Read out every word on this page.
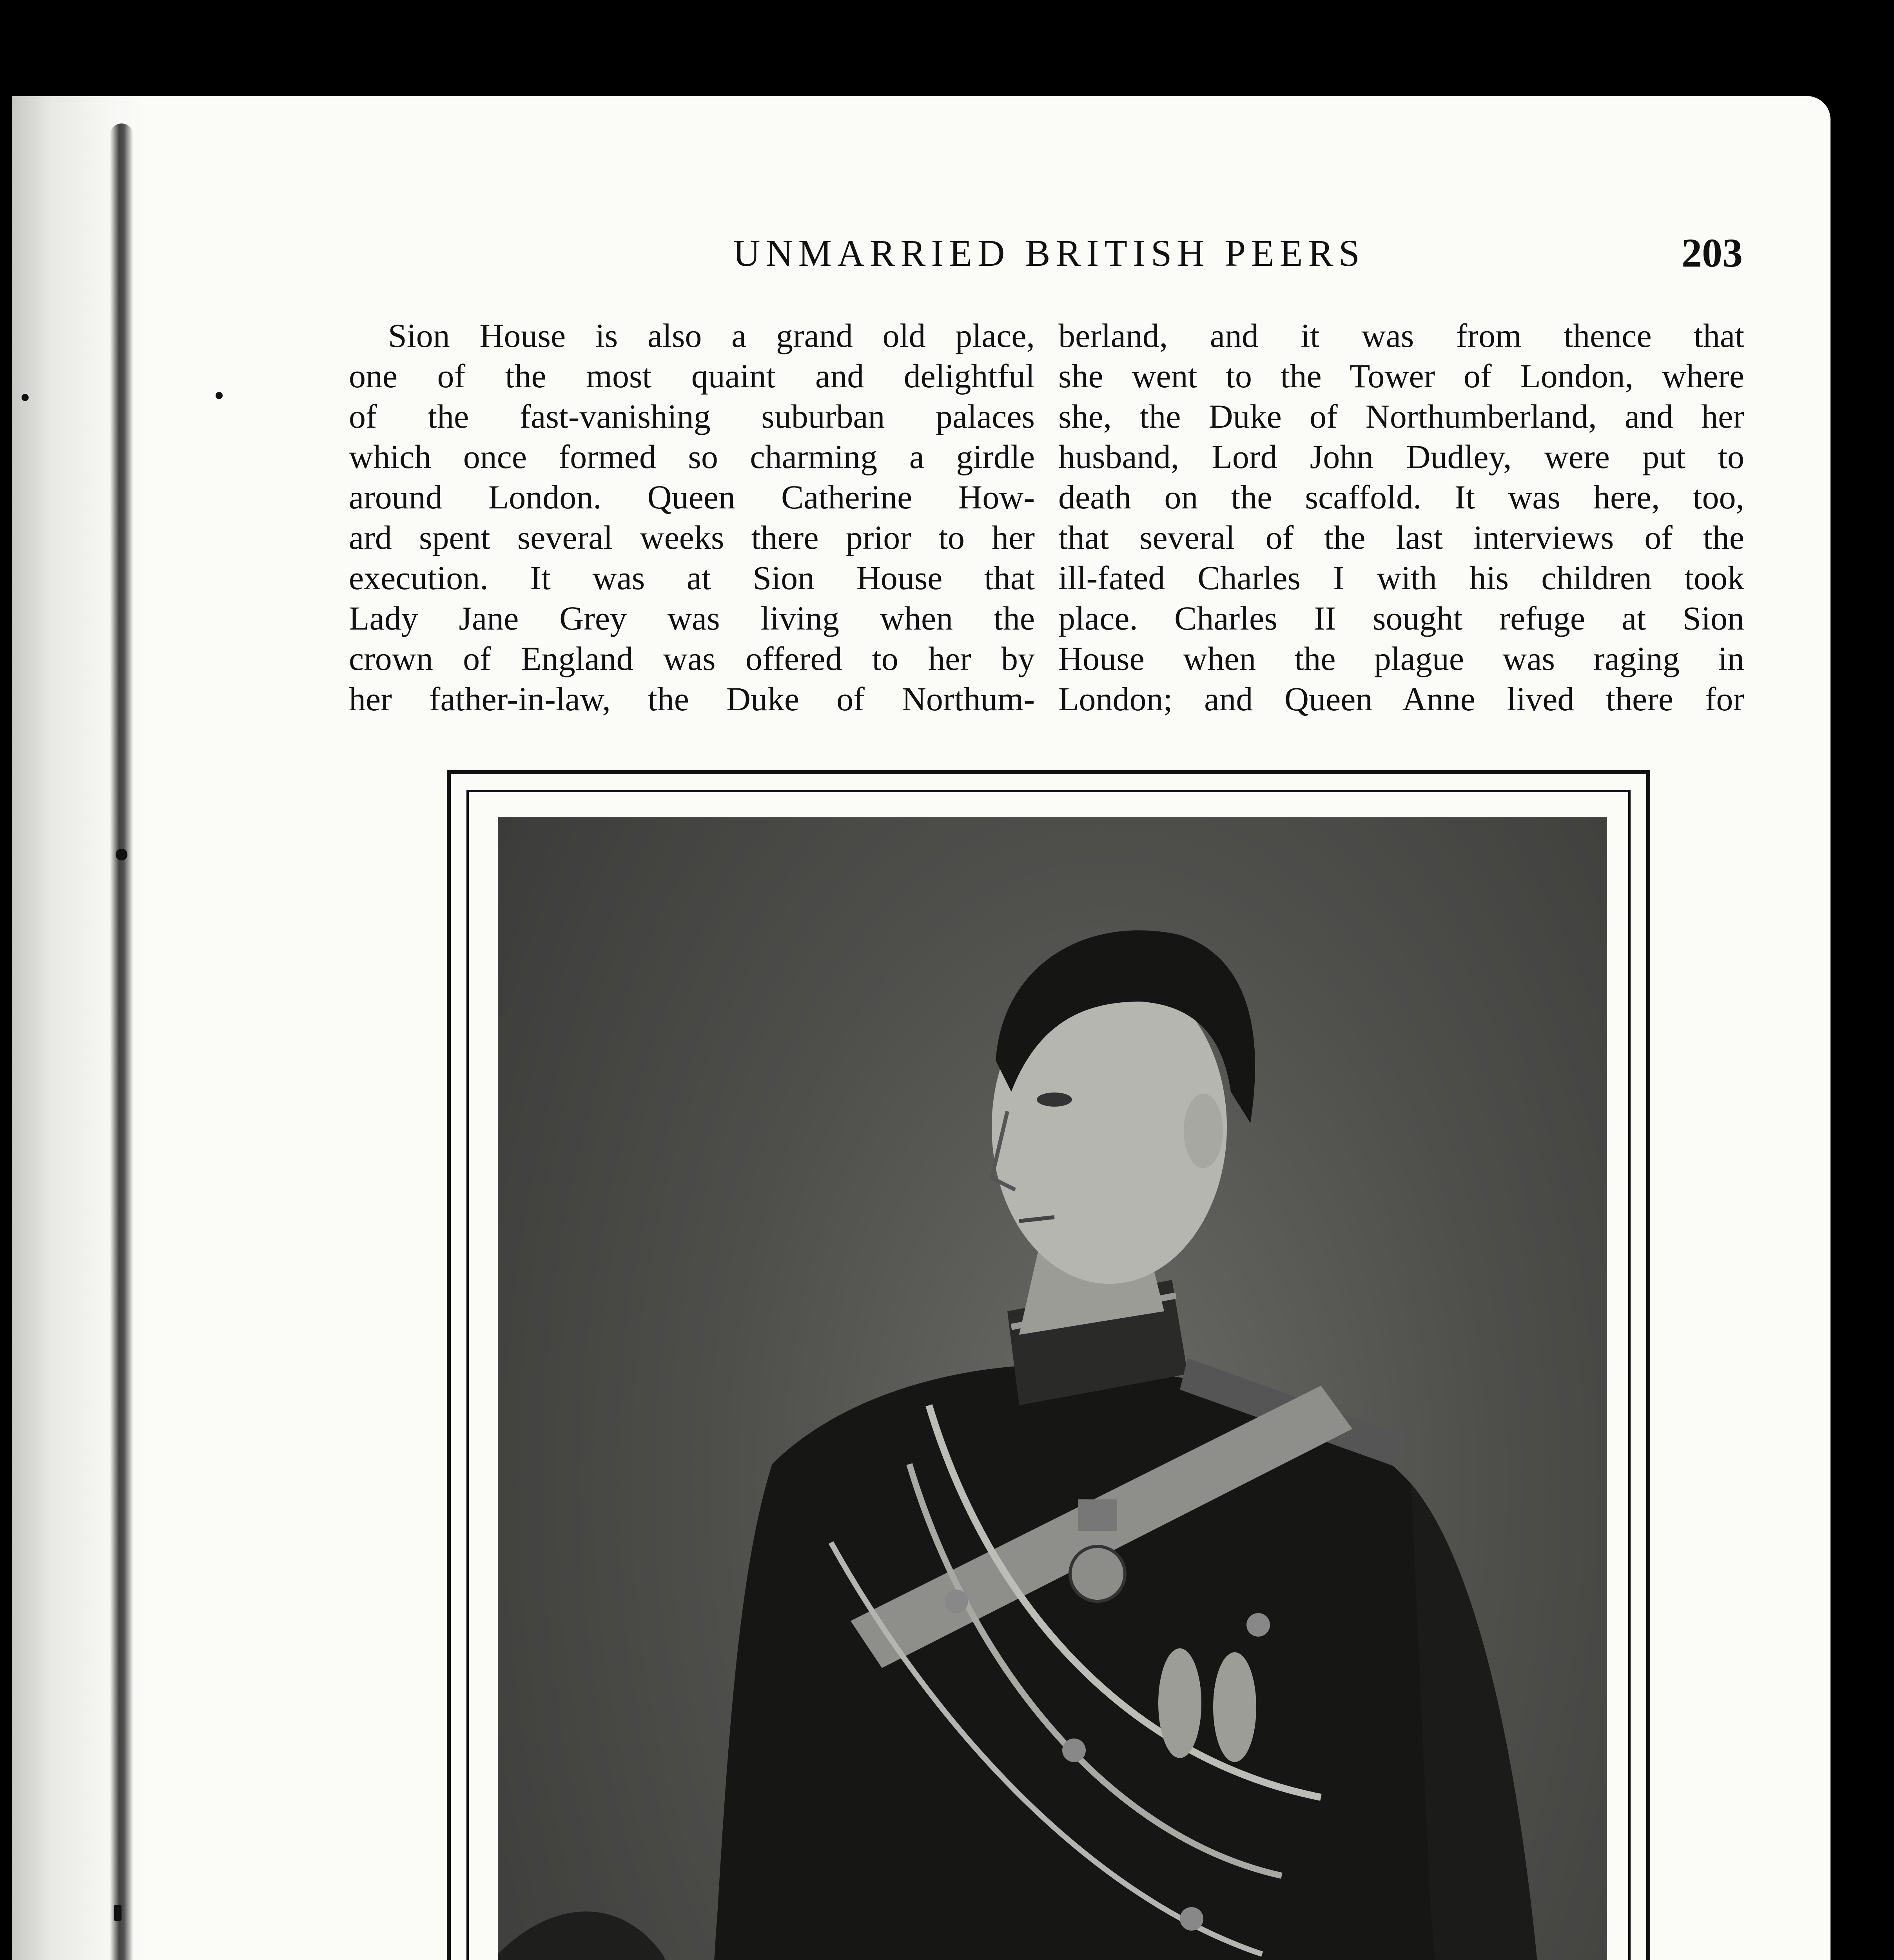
UNMARRIED BRITISH PEERS	203
Sion House is also a grand old place,
one of the most quaint and delightful
of the fast-vanishing suburban palaces
which once formed so charming a girdle
around London. Queen Catherine How-
ard spent several weeks there prior to her
execution. It was at Sion House that
Lady Jane Grey was living when the
crown of England was offered to her by
her father-in-law, the Duke of Northum-
berland, and it was from thence that
she went to the Tower of London, where
she, the Duke of Northumberland, and her
husband, Lord John Dudley, were put to
death on the scaffold. It was here, too,
that several of the last interviews of the
ill-fated Charles I with his children took
place. Charles II sought refuge at Sion
House when the plague was raging in
London; and Queen Anne lived there for
